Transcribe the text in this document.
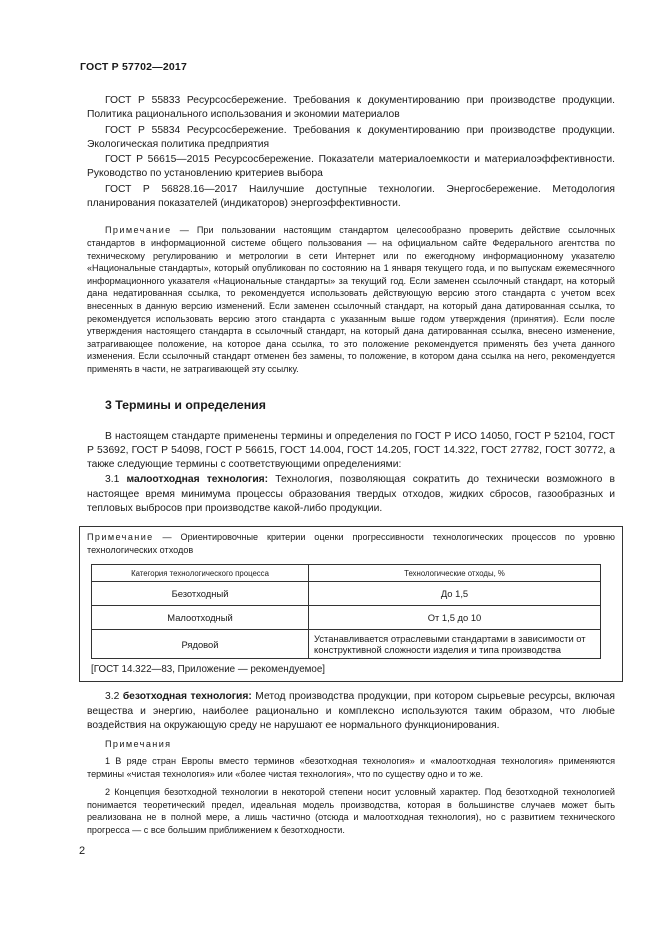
ГОСТ Р 57702—2017

ГОСТ Р 55833 Ресурсосбережение. Требования к документированию при производстве продукции. Политика рационального использования и экономии материалов

ГОСТ Р 55834 Ресурсосбережение. Требования к документированию при производстве продукции. Экологическая политика предприятия

ГОСТ Р 56615—2015 Ресурсосбережение. Показатели материалоемкости и материалоэффективности. Руководство по установлению критериев выбора

ГОСТ Р 56828.16—2017 Наилучшие доступные технологии. Энергосбережение. Методология планирования показателей (индикаторов) энергоэффективности.

Примечание — При пользовании настоящим стандартом целесообразно проверить действие ссылочных стандартов в информационной системе общего пользования — на официальном сайте Федерального агентства по техническому регулированию и метрологии в сети Интернет или по ежегодному информационному указателю «Национальные стандарты», который опубликован по состоянию на 1 января текущего года, и по выпускам ежемесячного информационного указателя «Национальные стандарты» за текущий год. Если заменен ссылочный стандарт, на который дана недатированная ссылка, то рекомендуется использовать действующую версию этого стандарта с учетом всех внесенных в данную версию изменений. Если заменен ссылочный стандарт, на который дана датированная ссылка, то рекомендуется использовать версию этого стандарта с указанным выше годом утверждения (принятия). Если после утверждения настоящего стандарта в ссылочный стандарт, на который дана датированная ссылка, внесено изменение, затрагивающее положение, на которое дана ссылка, то это положение рекомендуется применять без учета данного изменения. Если ссылочный стандарт отменен без замены, то положение, в котором дана ссылка на него, рекомендуется применять в части, не затрагивающей эту ссылку.

3 Термины и определения

В настоящем стандарте применены термины и определения по ГОСТ Р ИСО 14050, ГОСТ Р 52104, ГОСТ Р 53692, ГОСТ Р 54098, ГОСТ Р 56615, ГОСТ 14.004, ГОСТ 14.205, ГОСТ 14.322, ГОСТ 27782, ГОСТ 30772, а также следующие термины с соответствующими определениями:

3.1 малоотходная технология: Технология, позволяющая сократить до технически возможного в настоящее время минимума процессы образования твердых отходов, жидких сбросов, газообразных и тепловых выбросов при производстве какой-либо продукции.

Примечание — Ориентировочные критерии оценки прогрессивности технологических процессов по уровню технологических отходов

Категория технологического процесса	Технологические отходы, %
Безотходный	До 1,5
Малоотходный	От 1,5 до 10
Рядовой	Устанавливается отраслевыми стандартами в зависимости от конструктивной сложности изделия и типа производства
[ГОСТ 14.322—83, Приложение — рекомендуемое]

3.2 безотходная технология: Метод производства продукции, при котором сырьевые ресурсы, включая вещества и энергию, наиболее рационально и комплексно используются таким образом, что любые воздействия на окружающую среду не нарушают ее нормального функционирования.

Примечания

1 В ряде стран Европы вместо терминов «безотходная технология» и «малоотходная технология» применяются термины «чистая технология» или «более чистая технология», что по существу одно и то же.

2 Концепция безотходной технологии в некоторой степени носит условный характер. Под безотходной технологией понимается теоретический предел, идеальная модель производства, которая в большинстве случаев может быть реализована не в полной мере, а лишь частично (отсюда и малоотходная технология), но с развитием технического прогресса — с все большим приближением к безотходности.

2
